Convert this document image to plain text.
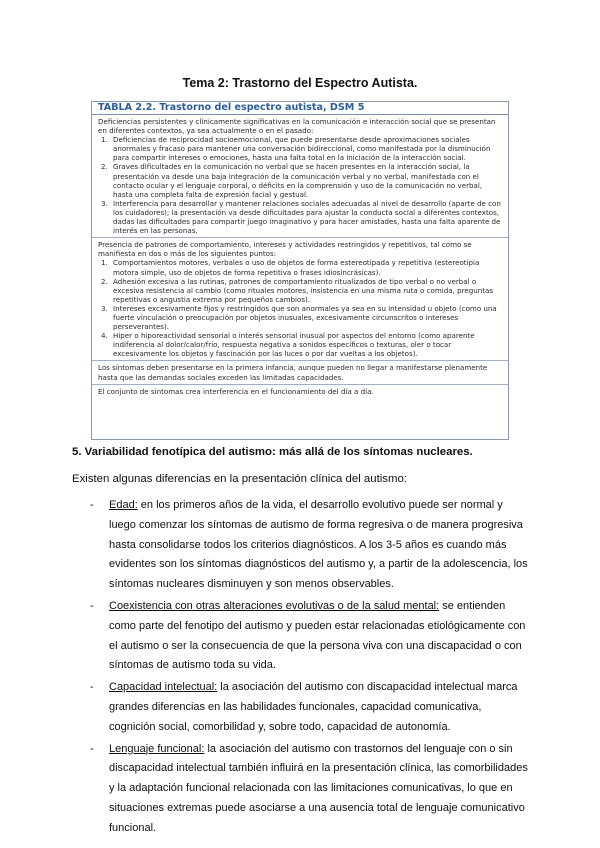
Tema 2: Trastorno del Espectro Autista.
TABLA 2.2. Trastorno del espectro autista, DSM 5

Deficiencias persistentes y clínicamente significativas en la comunicación e interacción social que se presentan en diferentes contextos, ya sea actualmente o en el pasado:

1. Deficiencias de reciprocidad socioemocional, que puede presentarse desde aproximaciones sociales anormales y fracaso para mantener una conversación bidireccional, como manifestada por la disminución para compartir intereses o emociones, hasta una falta total en la iniciación de la interacción social.
2. Graves dificultades en la comunicación no verbal que se hacen presentes en la interacción social, la presentación va desde una baja integración de la comunicación verbal y no verbal, manifestada con el contacto ocular y el lenguaje corporal, o déficits en la comprensión y uso de la comunicación no verbal, hasta una completa falta de expresión facial y gestual.
3. Interferencia para desarrollar y mantener relaciones sociales adecuadas al nivel de desarrollo (aparte de con los cuidadores); la presentación va desde dificultades para ajustar la conducta social a diferentes contextos, dadas las dificultades para compartir juego imaginativo y para hacer amistades, hasta una falta aparente de interés en las personas.

Presencia de patrones de comportamiento, intereses y actividades restringidos y repetitivos, tal como se manifiesta en dos o más de los siguientes puntos:

1. Comportamientos motores, verbales o uso de objetos de forma estereotipada y repetitiva (estereotipia motora simple, uso de objetos de forma repetitiva o frases idiosincrásicas).
2. Adhesión excesiva a las rutinas, patrones de comportamiento ritualizados de tipo verbal o no verbal o excesiva resistencia al cambio (como rituales motores, insistencia en una misma ruta o comida, preguntas repetitivas o angustia extrema por pequeños cambios).
3. Intereses excesivamente fijos y restringidos que son anormales ya sea en su intensidad u objeto (como una fuerte vinculación o preocupación por objetos inusuales, excesivamente circunscritos o intereses perseverantes).
4. Hiper o hiporeactividad sensorial o interés sensorial inusual por aspectos del entorno (como aparente indiferencia al dolor/calor/frío, respuesta negativa a sonidos específicos o texturas, oler o tocar excesivamente los objetos y fascinación por las luces o por dar vueltas a los objetos).

Los síntomas deben presentarse en la primera infancia, aunque pueden no llegar a manifestarse plenamente hasta que las demandas sociales exceden las limitadas capacidades.

El conjunto de síntomas crea interferencia en el funcionamiento del día a día.

5. Variabilidad fenotípica del autismo: más allá de los síntomas nucleares.
Existen algunas diferencias en la presentación clínica del autismo:
- Edad: en los primeros años de la vida, el desarrollo evolutivo puede ser normal y luego comenzar los síntomas de autismo de forma regresiva o de manera progresiva hasta consolidarse todos los criterios diagnósticos. A los 3-5 años es cuando más evidentes son los síntomas diagnósticos del autismo y, a partir de la adolescencia, los síntomas nucleares disminuyen y son menos observables.
- Coexistencia con otras alteraciones evolutivas o de la salud mental: se entienden como parte del fenotipo del autismo y pueden estar relacionadas etiológicamente con el autismo o ser la consecuencia de que la persona viva con una discapacidad o con síntomas de autismo toda su vida.
- Capacidad intelectual: la asociación del autismo con discapacidad intelectual marca grandes diferencias en las habilidades funcionales, capacidad comunicativa, cognición social, comorbilidad y, sobre todo, capacidad de autonomía.
- Lenguaje funcional: la asociación del autismo con trastornos del lenguaje con o sin discapacidad intelectual también influirá en la presentación clínica, las comorbilidades y la adaptación funcional relacionada con las limitaciones comunicativas, lo que en situaciones extremas puede asociarse a una ausencia total de lenguaje comunicativo funcional.
